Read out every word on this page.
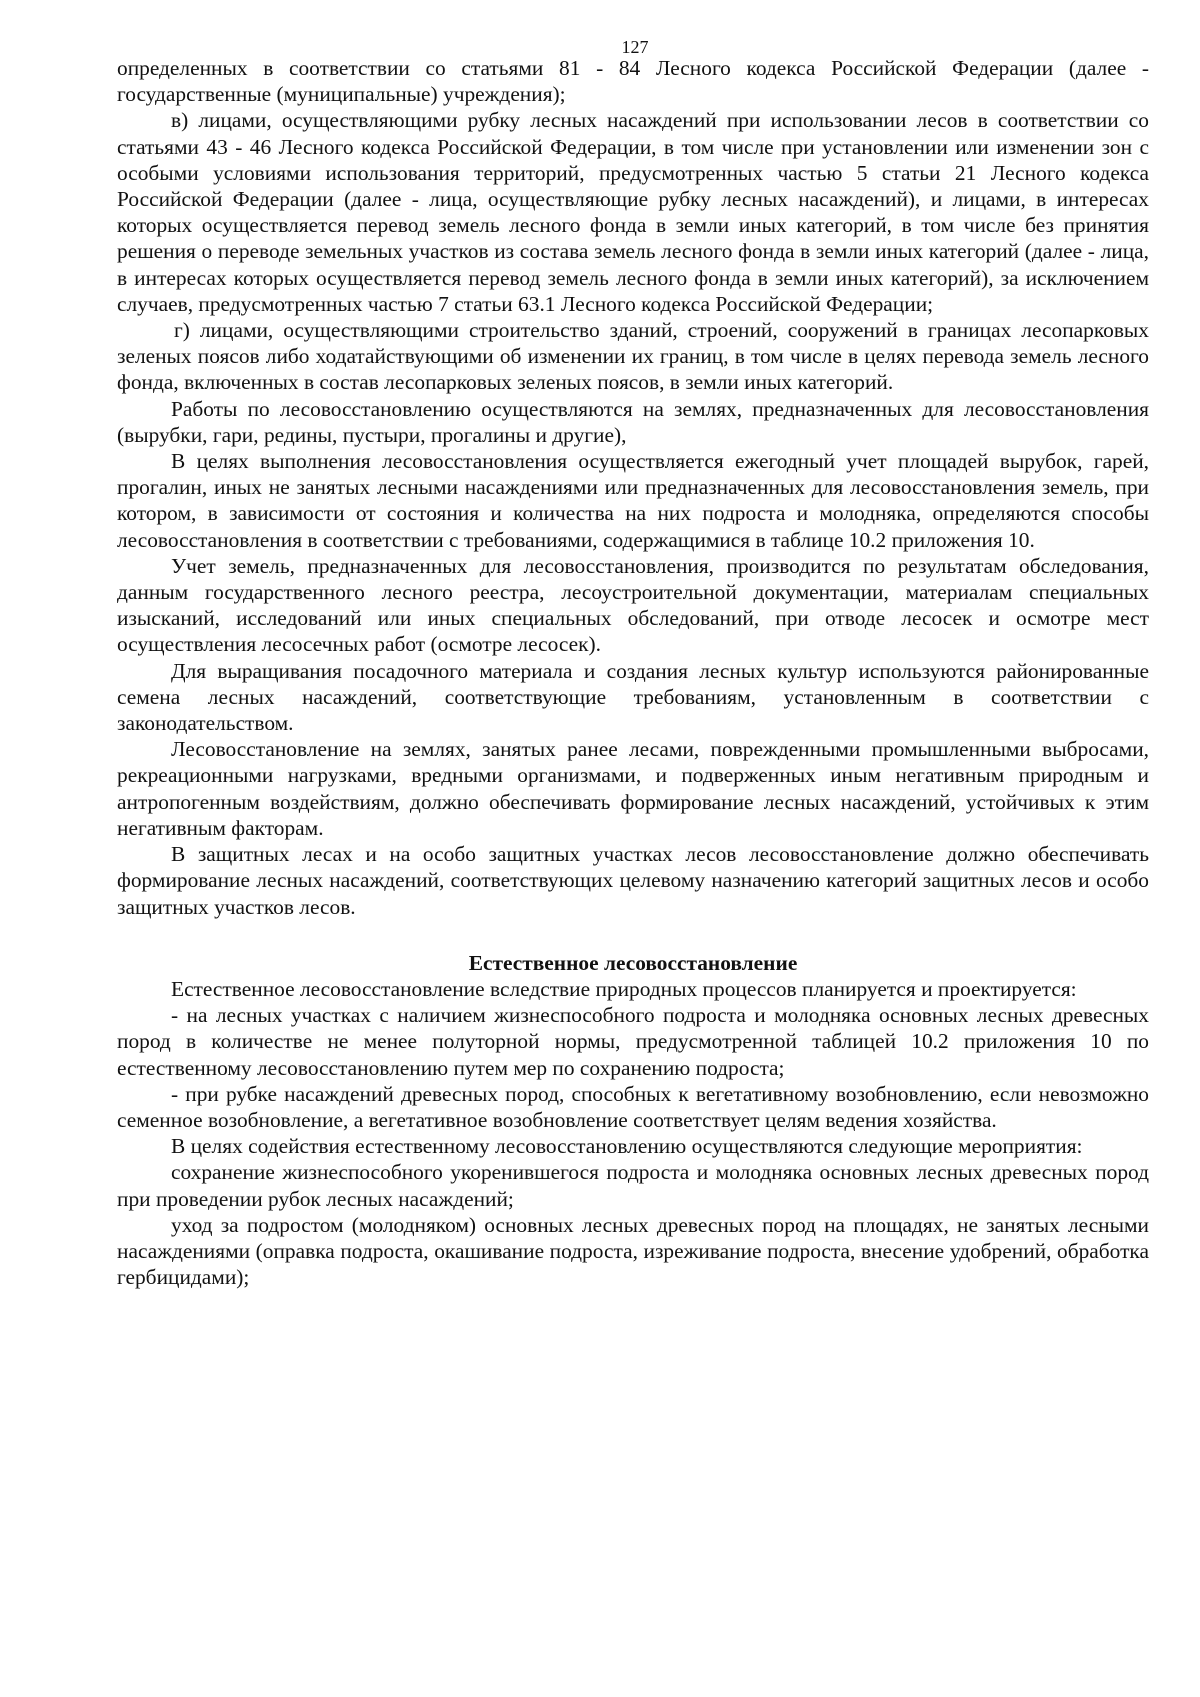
127

определенных в соответствии со статьями 81 - 84 Лесного кодекса Российской Федерации (далее - государственные (муниципальные) учреждения);

в) лицами, осуществляющими рубку лесных насаждений при использовании лесов в соответствии со статьями 43 - 46 Лесного кодекса Российской Федерации, в том числе при установлении или изменении зон с особыми условиями использования территорий, предусмотренных частью 5 статьи 21 Лесного кодекса Российской Федерации (далее - лица, осуществляющие рубку лесных насаждений), и лицами, в интересах которых осуществляется перевод земель лесного фонда в земли иных категорий, в том числе без принятия решения о переводе земельных участков из состава земель лесного фонда в земли иных категорий (далее - лица, в интересах которых осуществляется перевод земель лесного фонда в земли иных категорий), за исключением случаев, предусмотренных частью 7 статьи 63.1 Лесного кодекса Российской Федерации;

г) лицами, осуществляющими строительство зданий, строений, сооружений в границах лесопарковых зеленых поясов либо ходатайствующими об изменении их границ, в том числе в целях перевода земель лесного фонда, включенных в состав лесопарковых зеленых поясов, в земли иных категорий.

Работы по лесовосстановлению осуществляются на землях, предназначенных для лесовосстановления (вырубки, гари, редины, пустыри, прогалины и другие),

В целях выполнения лесовосстановления осуществляется ежегодный учет площадей вырубок, гарей, прогалин, иных не занятых лесными насаждениями или предназначенных для лесовосстановления земель, при котором, в зависимости от состояния и количества на них подроста и молодняка, определяются способы лесовосстановления в соответствии с требованиями, содержащимися в таблице 10.2 приложения 10.

Учет земель, предназначенных для лесовосстановления, производится по результатам обследования, данным государственного лесного реестра, лесоустроительной документации, материалам специальных изысканий, исследований или иных специальных обследований, при отводе лесосек и осмотре мест осуществления лесосечных работ (осмотре лесосек).

Для выращивания посадочного материала и создания лесных культур используются районированные семена лесных насаждений, соответствующие требованиям, установленным в соответствии с законодательством.

Лесовосстановление на землях, занятых ранее лесами, поврежденными промышленными выбросами, рекреационными нагрузками, вредными организмами, и подверженных иным негативным природным и антропогенным воздействиям, должно обеспечивать формирование лесных насаждений, устойчивых к этим негативным факторам.

В защитных лесах и на особо защитных участках лесов лесовосстановление должно обеспечивать формирование лесных насаждений, соответствующих целевому назначению категорий защитных лесов и особо защитных участков лесов.

Естественное лесовосстановление

Естественное лесовосстановление вследствие природных процессов планируется и проектируется:

- на лесных участках с наличием жизнеспособного подроста и молодняка основных лесных древесных пород в количестве не менее полуторной нормы, предусмотренной таблицей 10.2 приложения 10 по естественному лесовосстановлению путем мер по сохранению подроста;

- при рубке насаждений древесных пород, способных к вегетативному возобновлению, если невозможно семенное возобновление, а вегетативное возобновление соответствует целям ведения хозяйства.

В целях содействия естественному лесовосстановлению осуществляются следующие мероприятия:

сохранение жизнеспособного укоренившегося подроста и молодняка основных лесных древесных пород при проведении рубок лесных насаждений;

уход за подростом (молодняком) основных лесных древесных пород на площадях, не занятых лесными насаждениями (оправка подроста, окашивание подроста, изреживание подроста, внесение удобрений, обработка гербицидами);
